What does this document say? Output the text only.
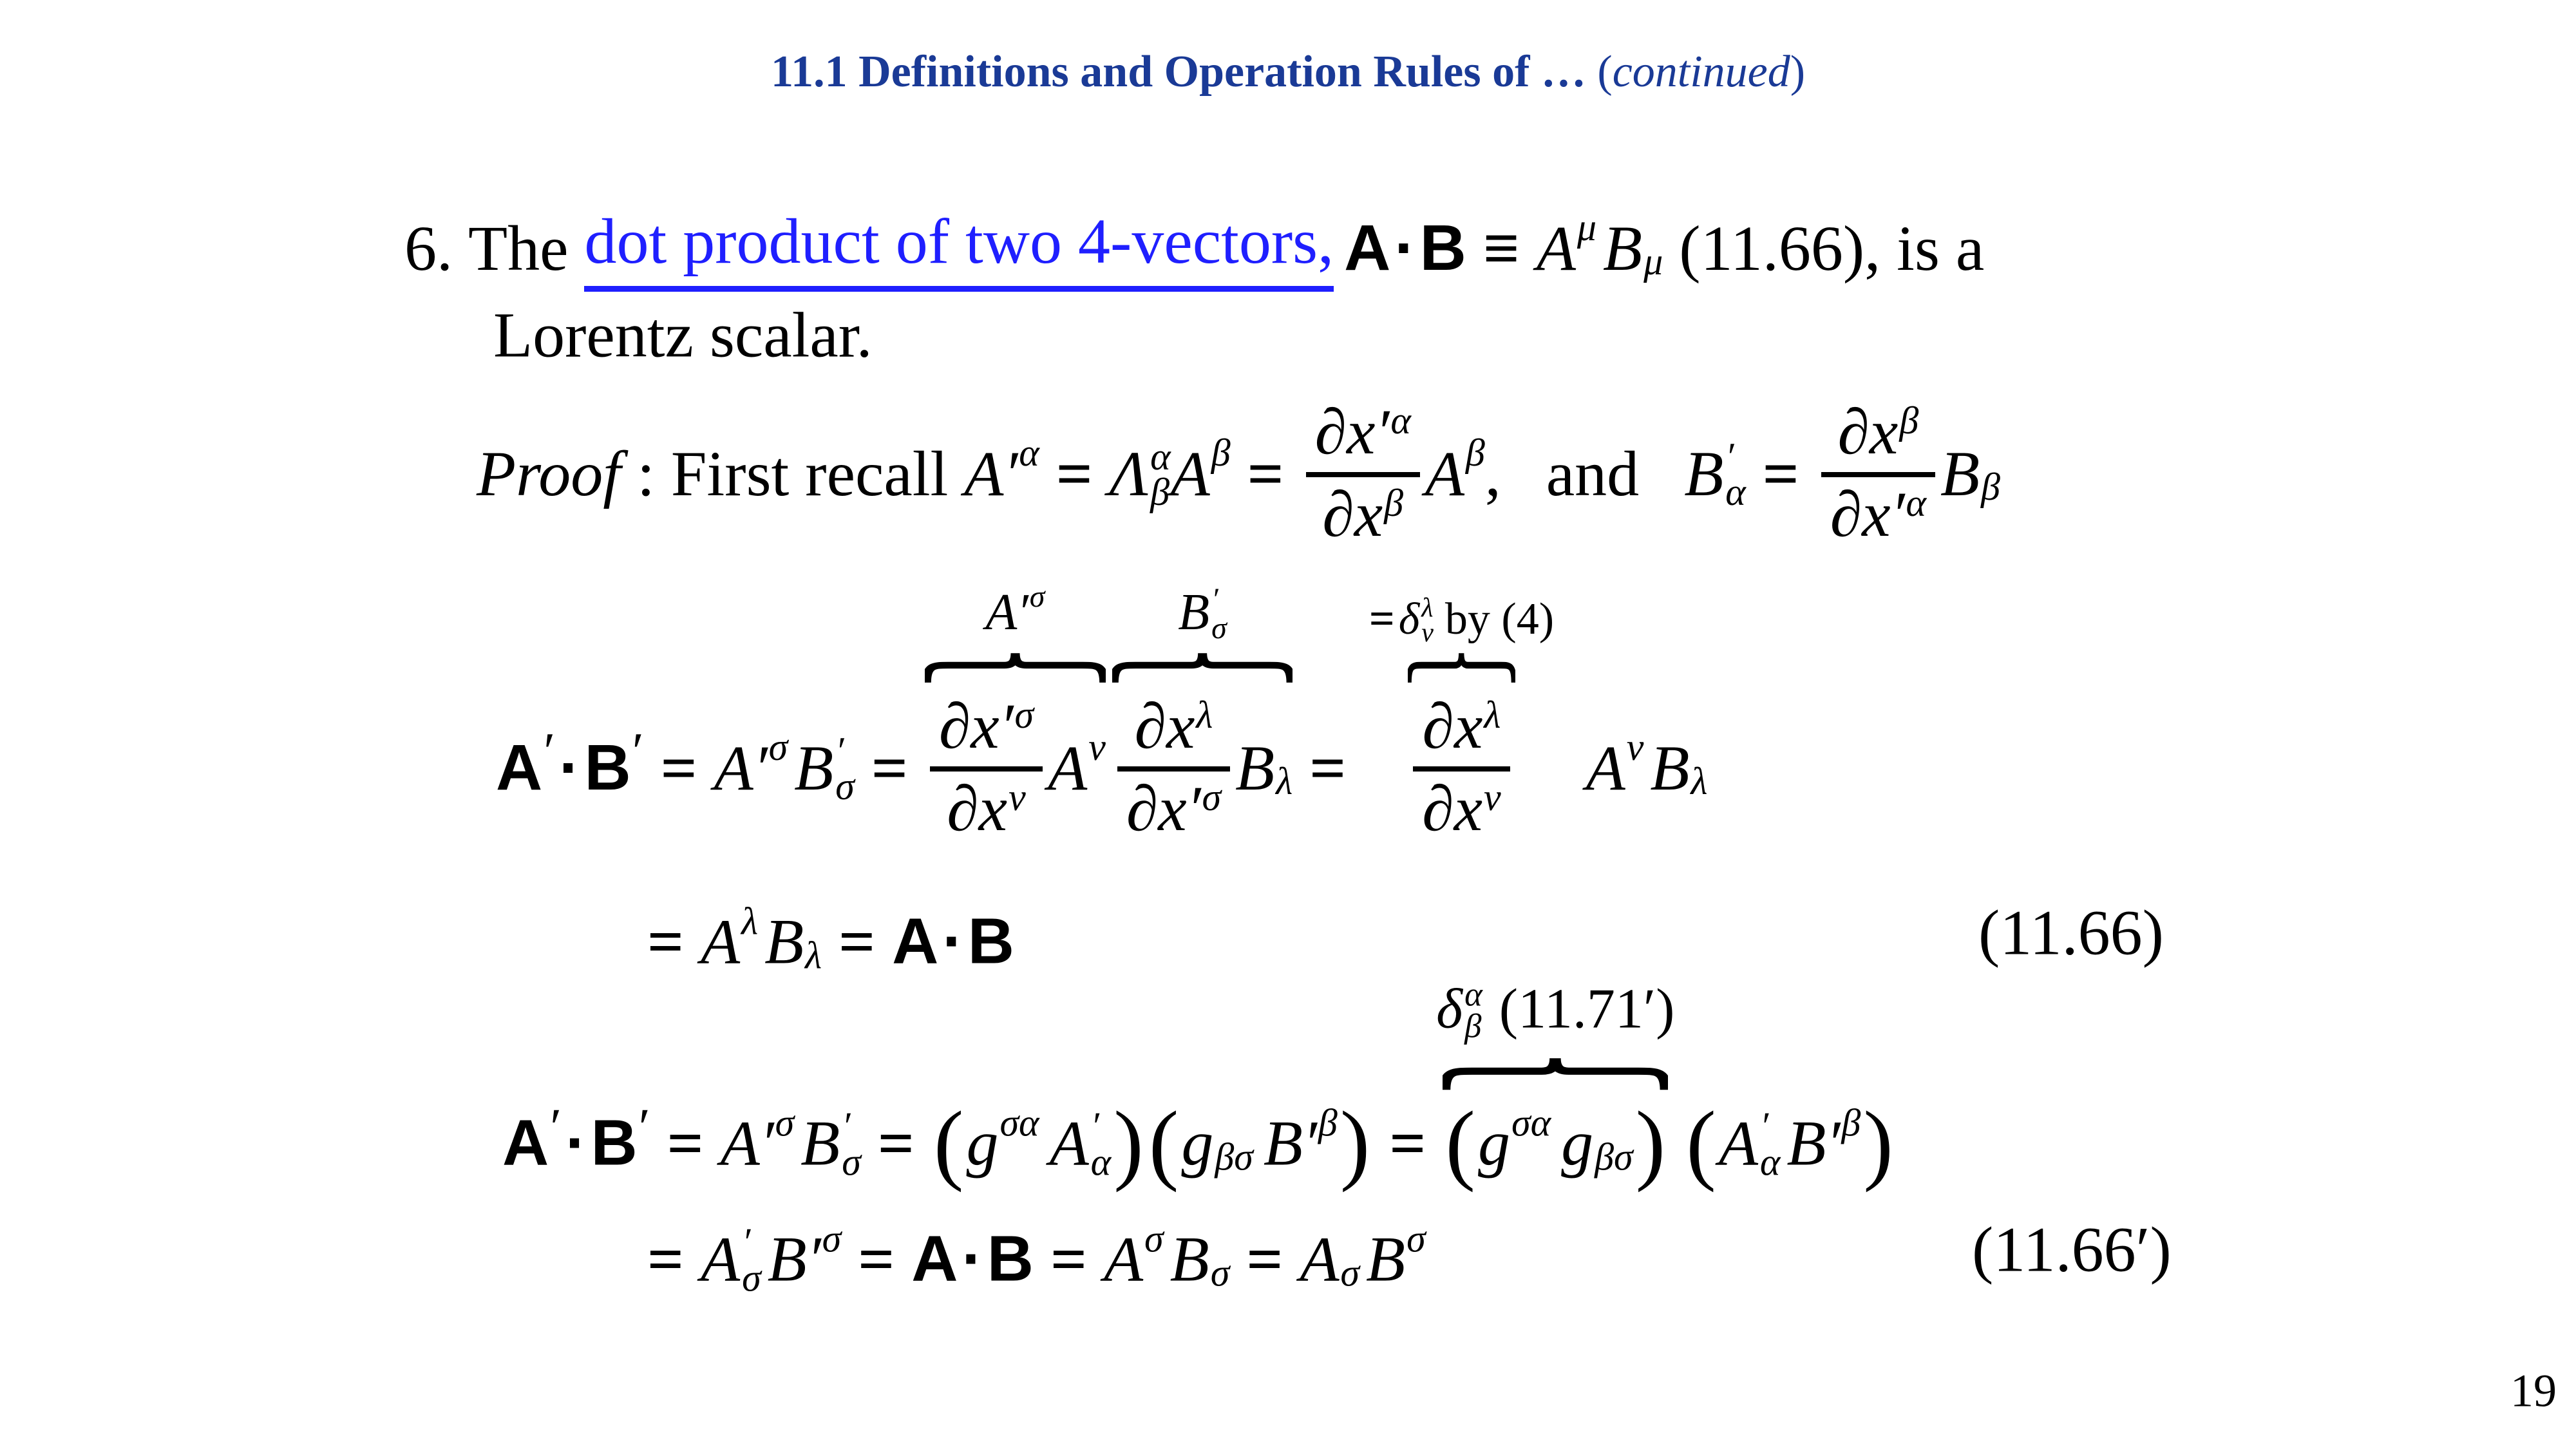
11.1 Definitions and Operation Rules of … (continued)
6. The dot product of two 4-vectors, A · B ≡ A μ B μ (11.66), is a
Lorentz scalar.
Proof : First recall A′ α = Λ α
β A β =
∂x′ α
∂x β A β , and B ′
α =
∂x β
∂x′ α B β
A ′ · B ′ = A′ σ B ′
σ =
A′ σ
∂x′ σ
∂x ν A ν
B ′
σ
∂x λ
∂x′ σ B λ =
= δ λ
ν by (4)
∂x λ
∂x ν A ν B λ
= A λ B λ = A · B	(11.66)
A ′ · B ′ = A′ σ B ′
σ = ( g σα A ′
α ) ( g βσ B′ β ) =
δ α
β (11.71′)
( g σα g βσ ) ( A ′
α B′ β )
= A ′
σ B′ σ = A · B = A σ B σ = A σ B σ	(11.66′)
19
